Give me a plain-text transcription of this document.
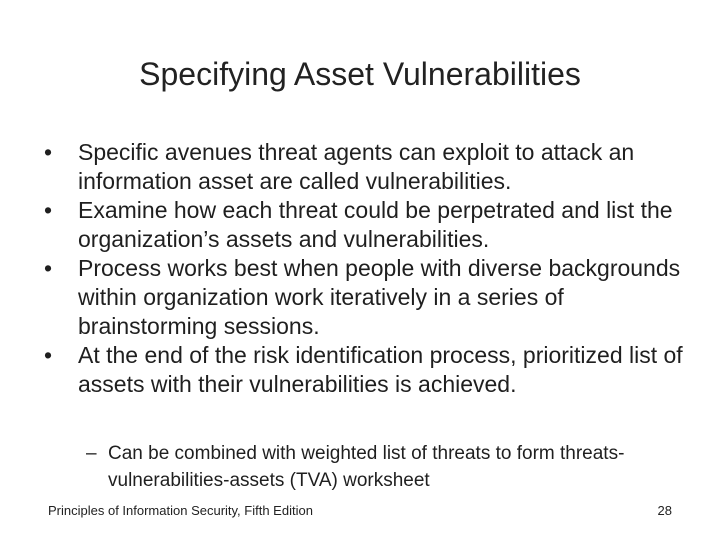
Specifying Asset Vulnerabilities
•	Specific avenues threat agents can exploit to attack an information asset are called vulnerabilities.
•	Examine how each threat could be perpetrated and list the organization’s assets and vulnerabilities.
•	Process works best when people with diverse backgrounds within organization work iteratively in a series of brainstorming sessions.
•	At the end of the risk identification process, prioritized list of assets with their vulnerabilities is achieved.
– Can be combined with weighted list of threats to form threats-vulnerabilities-assets (TVA) worksheet
Principles of Information Security, Fifth Edition	28
